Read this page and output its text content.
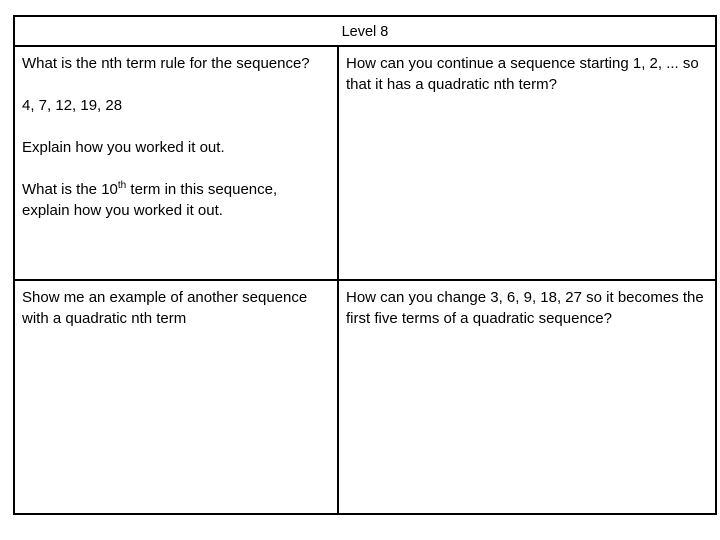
Level 8

What is the nth term rule for the sequence?

4, 7, 12, 19, 28

Explain how you worked it out.

What is the 10th term in this sequence, explain how you worked it out.

How can you continue a sequence starting 1, 2, ... so that it has a quadratic nth term?

Show me an example of another sequence with a quadratic nth term

How can you change 3, 6, 9, 18, 27 so it becomes the first five terms of a quadratic sequence?
